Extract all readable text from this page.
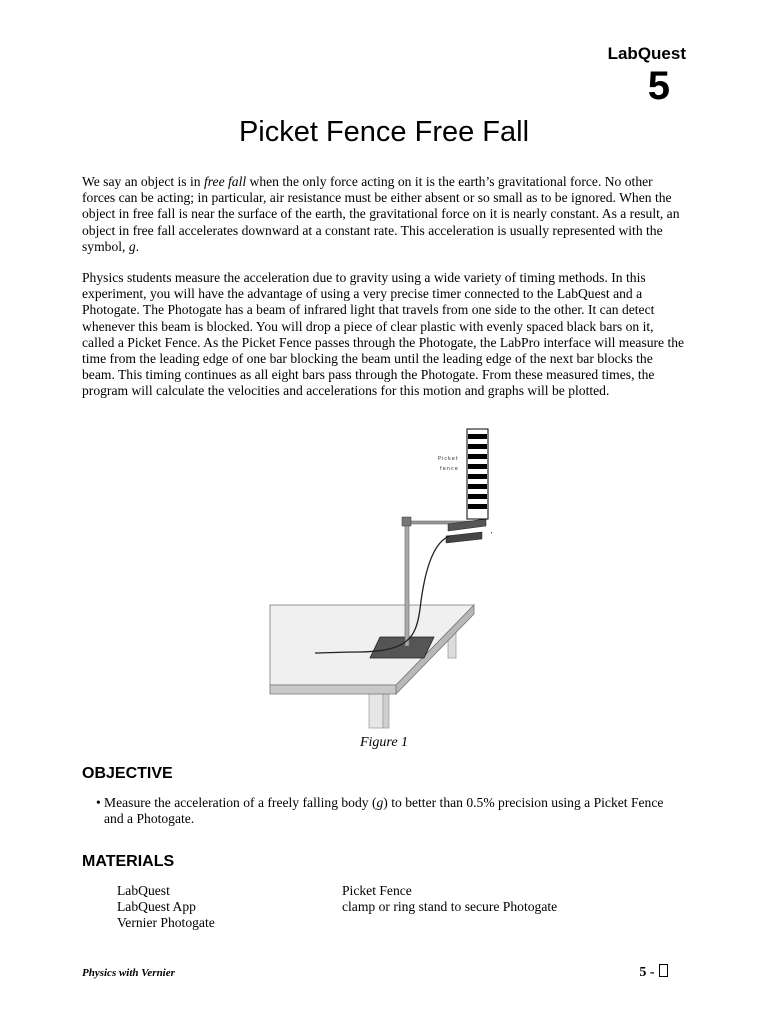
LabQuest
5
Picket Fence Free Fall

We say an object is in free fall when the only force acting on it is the earth’s gravitational force. No other forces can be acting; in particular, air resistance must be either absent or so small as to be ignored. When the object in free fall is near the surface of the earth, the gravitational force on it is nearly constant. As a result, an object in free fall accelerates downward at a constant rate. This acceleration is usually represented with the symbol, g.

Physics students measure the acceleration due to gravity using a wide variety of timing methods. In this experiment, you will have the advantage of using a very precise timer connected to the LabQuest and a Photogate. The Photogate has a beam of infrared light that travels from one side to the other. It can detect whenever this beam is blocked. You will drop a piece of clear plastic with evenly spaced black bars on it, called a Picket Fence. As the Picket Fence passes through the Photogate, the LabPro interface will measure the time from the leading edge of one bar blocking the beam until the leading edge of the next bar blocks the beam. This timing continues as all eight bars pass through the Photogate. From these measured times, the program will calculate the velocities and accelerations for this motion and graphs will be plotted.

Picket
fence
Figure 1
OBJECTIVE
• Measure the acceleration of a freely falling body (g) to better than 0.5% precision using a Picket Fence and a Photogate.
MATERIALS
LabQuest
LabQuest App
Vernier Photogate
Picket Fence
clamp or ring stand to secure Photogate
Physics with Vernier	5 -
